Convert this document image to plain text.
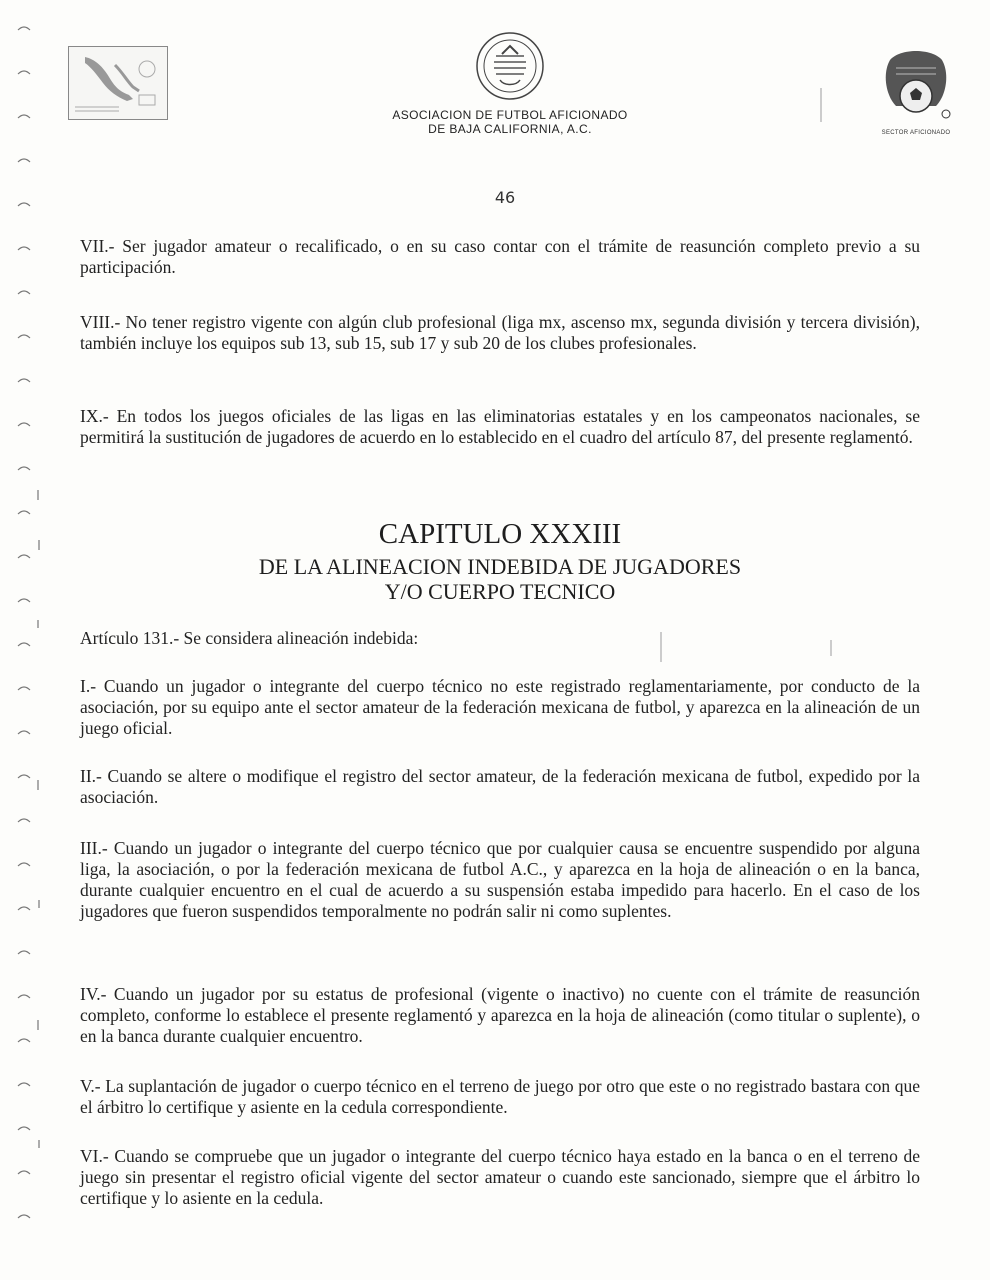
SECTOR AFICIONADO
ASOCIACION DE FUTBOL AFICIONADO
DE BAJA CALIFORNIA, A.C.
46
VII.- Ser jugador amateur o recalificado, o en su caso contar con el trámite de reasunción completo previo a su participación.
VIII.- No tener registro vigente con algún club profesional (liga mx, ascenso mx, segunda división y tercera división), también incluye los equipos sub 13, sub 15, sub 17 y sub 20 de los clubes profesionales.
IX.- En todos los juegos oficiales de las ligas en las eliminatorias estatales y en los campeonatos nacionales, se permitirá la sustitución de jugadores de acuerdo en lo establecido en el cuadro del artículo 87, del presente reglamentó.
CAPITULO XXXIII
DE LA ALINEACION INDEBIDA DE JUGADORES
Y/O CUERPO TECNICO
Artículo 131.- Se considera alineación indebida:
I.- Cuando un jugador o integrante del cuerpo técnico no este registrado reglamentariamente, por conducto de la asociación, por su equipo ante el sector amateur de la federación mexicana de futbol, y aparezca en la alineación de un juego oficial.
II.- Cuando se altere o modifique el registro del sector amateur, de la federación mexicana de futbol, expedido por la asociación.
III.- Cuando un jugador o integrante del cuerpo técnico que por cualquier causa se encuentre suspendido por alguna liga, la asociación, o por la federación mexicana de futbol A.C., y aparezca en la hoja de alineación o en la banca, durante cualquier encuentro en el cual de acuerdo a su suspensión estaba impedido para hacerlo. En el caso de los jugadores que fueron suspendidos temporalmente no podrán salir ni como suplentes.
IV.- Cuando un jugador por su estatus de profesional (vigente o inactivo) no cuente con el trámite de reasunción completo, conforme lo establece el presente reglamentó y aparezca en la hoja de alineación (como titular o suplente), o en la banca durante cualquier encuentro.
V.- La suplantación de jugador o cuerpo técnico en el terreno de juego por otro que este o no registrado bastara con que el árbitro lo certifique y asiente en la cedula correspondiente.
VI.- Cuando se compruebe que un jugador o integrante del cuerpo técnico haya estado en la banca o en el terreno de juego sin presentar el registro oficial vigente del sector amateur o cuando este sancionado, siempre que el árbitro lo certifique y lo asiente en la cedula.
